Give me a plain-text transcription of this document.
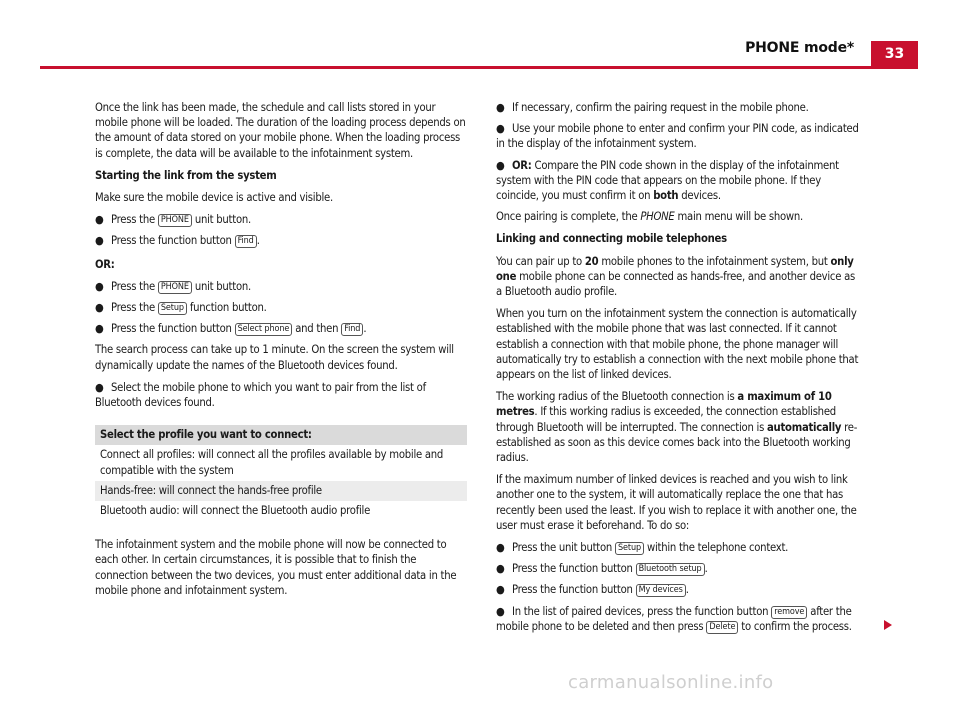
PHONE mode*	33

Once the link has been made, the schedule and call lists stored in your mobile phone will be loaded. The duration of the loading process depends on the amount of data stored on your mobile phone. When the loading process is complete, the data will be available to the infotainment system.

Starting the link from the system

Make sure the mobile device is active and visible.

● Press the PHONE unit button.
● Press the function button Find .

OR:

● Press the PHONE unit button.
● Press the Setup function button.
● Press the function button Select phone and then Find .

The search process can take up to 1 minute. On the screen the system will dynamically update the names of the Bluetooth devices found.

● Select the mobile phone to which you want to pair from the list of Bluetooth devices found.
Select the profile you want to connect:
Connect all profiles: will connect all the profiles available by mobile and compatible with the system
Hands-free: will connect the hands-free profile
Bluetooth audio: will connect the Bluetooth audio profile

The infotainment system and the mobile phone will now be connected to each other. In certain circumstances, it is possible that to finish the connection between the two devices, you must enter additional data in the mobile phone and infotainment system.

● If necessary, confirm the pairing request in the mobile phone.
● Use your mobile phone to enter and confirm your PIN code, as indicated in the display of the infotainment system.
● OR: Compare the PIN code shown in the display of the infotainment system with the PIN code that appears on the mobile phone. If they coincide, you must confirm it on both devices.

Once pairing is complete, the PHONE main menu will be shown.

Linking and connecting mobile telephones

You can pair up to 20 mobile phones to the infotainment system, but only one mobile phone can be connected as hands-free, and another device as a Bluetooth audio profile.

When you turn on the infotainment system the connection is automatically established with the mobile phone that was last connected. If it cannot establish a connection with that mobile phone, the phone manager will automatically try to establish a connection with the next mobile phone that appears on the list of linked devices.

The working radius of the Bluetooth connection is a maximum of 10 metres. If this working radius is exceeded, the connection established through Bluetooth will be interrupted. The connection is automatically re-established as soon as this device comes back into the Bluetooth working radius.

If the maximum number of linked devices is reached and you wish to link another one to the system, it will automatically replace the one that has recently been used the least. If you wish to replace it with another one, the user must erase it beforehand. To do so:

● Press the unit button Setup within the telephone context.
● Press the function button Bluetooth setup .
● Press the function button My devices .
● In the list of paired devices, press the function button remove after the mobile phone to be deleted and then press Delete to confirm the process.
carmanualsonline.info
